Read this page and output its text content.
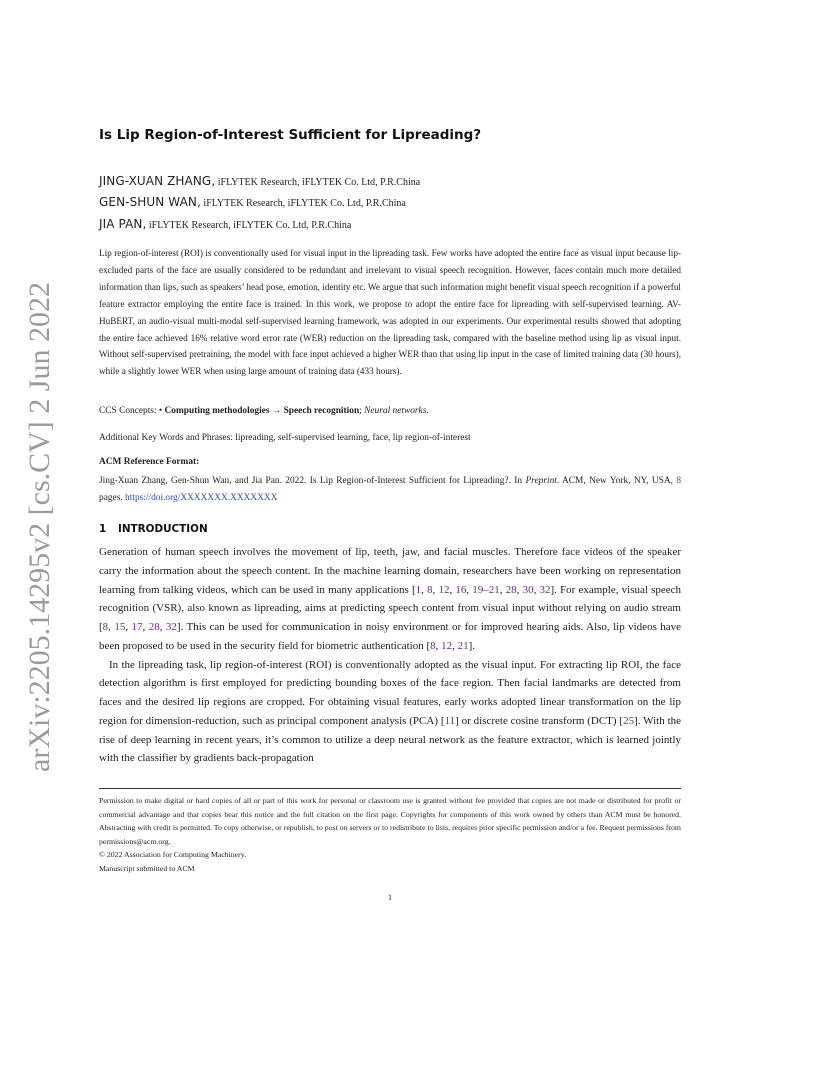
arXiv:2205.14295v2 [cs.CV] 2 Jun 2022
Is Lip Region-of-Interest Sufficient for Lipreading?
JING-XUAN ZHANG, iFLYTEK Research, iFLYTEK Co. Ltd, P.R.China
GEN-SHUN WAN, iFLYTEK Research, iFLYTEK Co. Ltd, P.R.China
JIA PAN, iFLYTEK Research, iFLYTEK Co. Ltd, P.R.China
Lip region-of-interest (ROI) is conventionally used for visual input in the lipreading task. Few works have adopted the entire face as visual input because lip-excluded parts of the face are usually considered to be redundant and irrelevant to visual speech recognition. However, faces contain much more detailed information than lips, such as speakers’ head pose, emotion, identity etc. We argue that such information might benefit visual speech recognition if a powerful feature extractor employing the entire face is trained. In this work, we propose to adopt the entire face for lipreading with self-supervised learning. AV-HuBERT, an audio-visual multi-modal self-supervised learning framework, was adopted in our experiments. Our experimental results showed that adopting the entire face achieved 16% relative word error rate (WER) reduction on the lipreading task, compared with the baseline method using lip as visual input. Without self-supervised pretraining, the model with face input achieved a higher WER than that using lip input in the case of limited training data (30 hours), while a slightly lower WER when using large amount of training data (433 hours).
CCS Concepts: • Computing methodologies → Speech recognition; Neural networks.
Additional Key Words and Phrases: lipreading, self-supervised learning, face, lip region-of-interest
ACM Reference Format:
Jing-Xuan Zhang, Gen-Shun Wan, and Jia Pan. 2022. Is Lip Region-of-Interest Sufficient for Lipreading?. In Preprint. ACM, New York, NY, USA, 8 pages. https://doi.org/XXXXXXX.XXXXXXX
1 INTRODUCTION

Generation of human speech involves the movement of lip, teeth, jaw, and facial muscles. Therefore face videos of the speaker carry the information about the speech content. In the machine learning domain, researchers have been working on representation learning from talking videos, which can be used in many applications [1, 8, 12, 16, 19–21, 28, 30, 32]. For example, visual speech recognition (VSR), also known as lipreading, aims at predicting speech content from visual input without relying on audio stream [8, 15, 17, 28, 32]. This can be used for communication in noisy environment or for improved hearing aids. Also, lip videos have been proposed to be used in the security field for biometric authentication [8, 12, 21].

In the lipreading task, lip region-of-interest (ROI) is conventionally adopted as the visual input. For extracting lip ROI, the face detection algorithm is first employed for predicting bounding boxes of the face region. Then facial landmarks are detected from faces and the desired lip regions are cropped. For obtaining visual features, early works adopted linear transformation on the lip region for dimension-reduction, such as principal component analysis (PCA) [11] or discrete cosine transform (DCT) [25]. With the rise of deep learning in recent years, it’s common to utilize a deep neural network as the feature extractor, which is learned jointly with the classifier by gradients back-propagation

Permission to make digital or hard copies of all or part of this work for personal or classroom use is granted without fee provided that copies are not made or distributed for profit or commercial advantage and that copies bear this notice and the full citation on the first page. Copyrights for components of this work owned by others than ACM must be honored. Abstracting with credit is permitted. To copy otherwise, or republish, to post on servers or to redistribute to lists, requires prior specific permission and/or a fee. Request permissions from permissions@acm.org.
© 2022 Association for Computing Machinery.
Manuscript submitted to ACM
1
